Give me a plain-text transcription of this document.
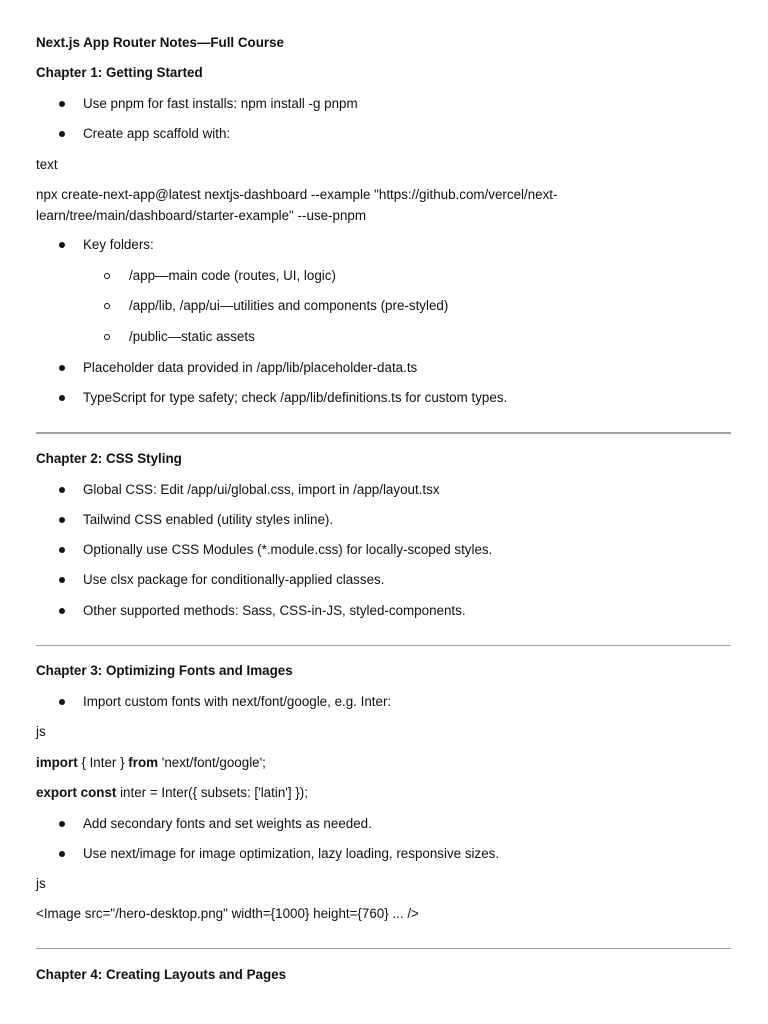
Next.js App Router Notes—Full Course
Chapter 1: Getting Started
Use pnpm for fast installs: npm install -g pnpm
Create app scaffold with:
text
npx create-next-app@latest nextjs-dashboard --example "https://github.com/vercel/next-
learn/tree/main/dashboard/starter-example" --use-pnpm
Key folders:
/app—main code (routes, UI, logic)
/app/lib, /app/ui—utilities and components (pre-styled)
/public—static assets
Placeholder data provided in /app/lib/placeholder-data.ts
TypeScript for type safety; check /app/lib/definitions.ts for custom types.
Chapter 2: CSS Styling
Global CSS: Edit /app/ui/global.css, import in /app/layout.tsx
Tailwind CSS enabled (utility styles inline).
Optionally use CSS Modules (*.module.css) for locally-scoped styles.
Use clsx package for conditionally-applied classes.
Other supported methods: Sass, CSS-in-JS, styled-components.
Chapter 3: Optimizing Fonts and Images
Import custom fonts with next/font/google, e.g. Inter:
js
import { Inter } from 'next/font/google';
export const inter = Inter({ subsets: ['latin'] });
Add secondary fonts and set weights as needed.
Use next/image for image optimization, lazy loading, responsive sizes.
js
<Image src="/hero-desktop.png" width={1000} height={760} ... />
Chapter 4: Creating Layouts and Pages
